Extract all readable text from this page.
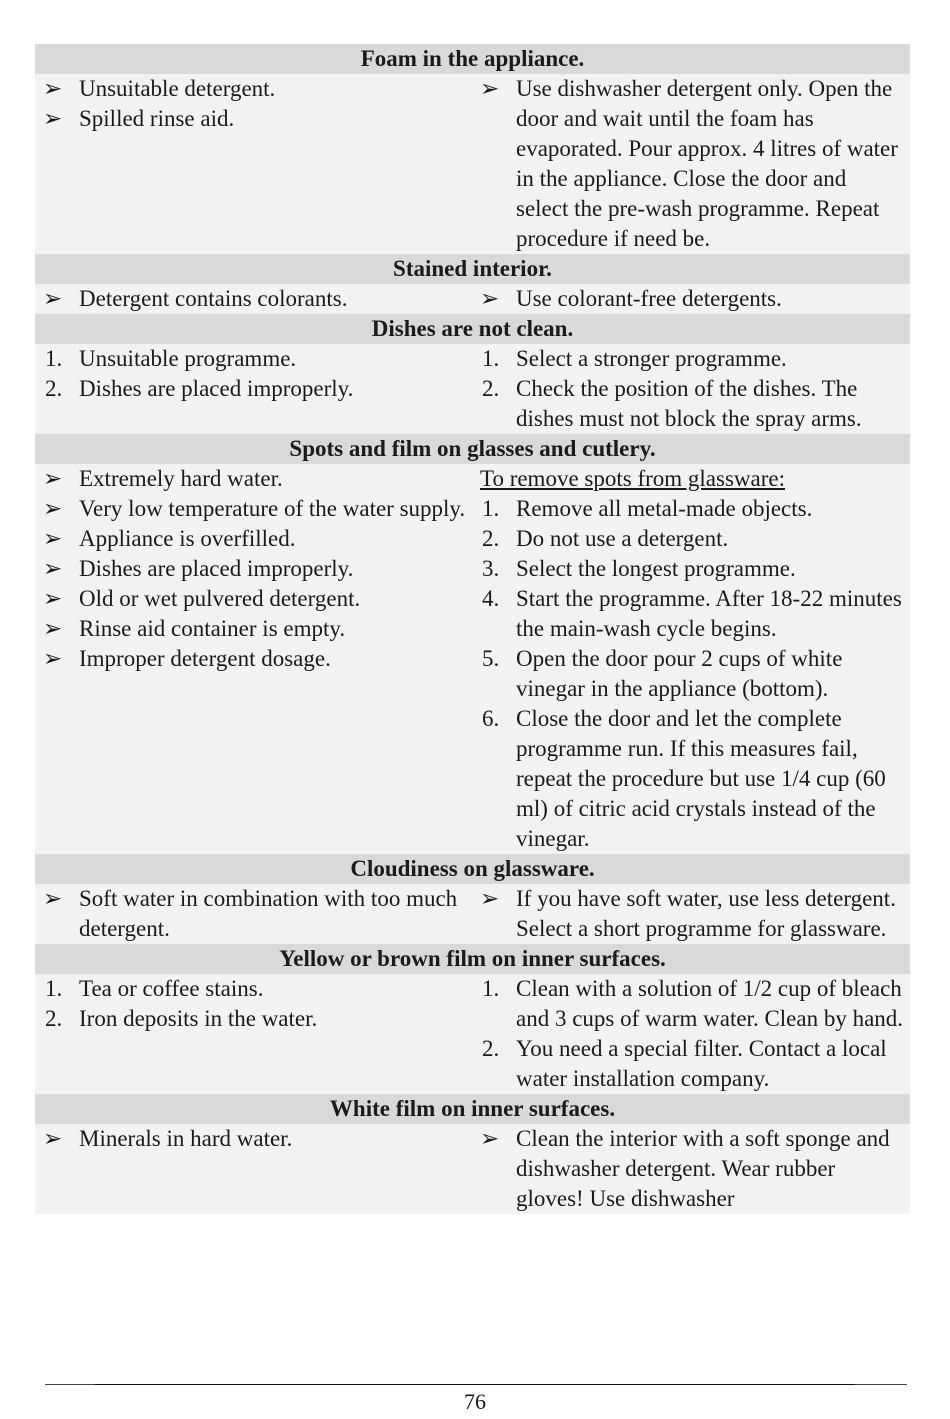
Foam in the appliance.
➢ Unsuitable detergent.
➢ Spilled rinse aid.
➢ Use dishwasher detergent only. Open the door and wait until the foam has evaporated. Pour approx. 4 litres of water in the appliance. Close the door and select the pre-wash programme. Repeat procedure if need be.
Stained interior.
➢ Detergent contains colorants.	➢ Use colorant-free detergents.
Dishes are not clean.
1. Unsuitable programme.
2. Dishes are placed improperly.
1. Select a stronger programme.
2. Check the position of the dishes. The dishes must not block the spray arms.
Spots and film on glasses and cutlery.
➢ Extremely hard water.
➢ Very low temperature of the water supply.
➢ Appliance is overfilled.
➢ Dishes are placed improperly.
➢ Old or wet pulvered detergent.
➢ Rinse aid container is empty.
➢ Improper detergent dosage.
To remove spots from glassware:
1. Remove all metal-made objects.
2. Do not use a detergent.
3. Select the longest programme.
4. Start the programme. After 18-22 minutes the main-wash cycle begins.
5. Open the door pour 2 cups of white vinegar in the appliance (bottom).
6. Close the door and let the complete programme run. If this measures fail, repeat the procedure but use 1/4 cup (60 ml) of citric acid crystals instead of the vinegar.
Cloudiness on glassware.
➢ Soft water in combination with too much detergent.
➢ If you have soft water, use less detergent. Select a short programme for glassware.
Yellow or brown film on inner surfaces.
1. Tea or coffee stains.
2. Iron deposits in the water.
1. Clean with a solution of 1/2 cup of bleach and 3 cups of warm water. Clean by hand.
2. You need a special filter. Contact a local water installation company.
White film on inner surfaces.
➢ Minerals in hard water.	➢ Clean the interior with a soft sponge and dishwasher detergent. Wear rubber gloves! Use dishwasher
76
